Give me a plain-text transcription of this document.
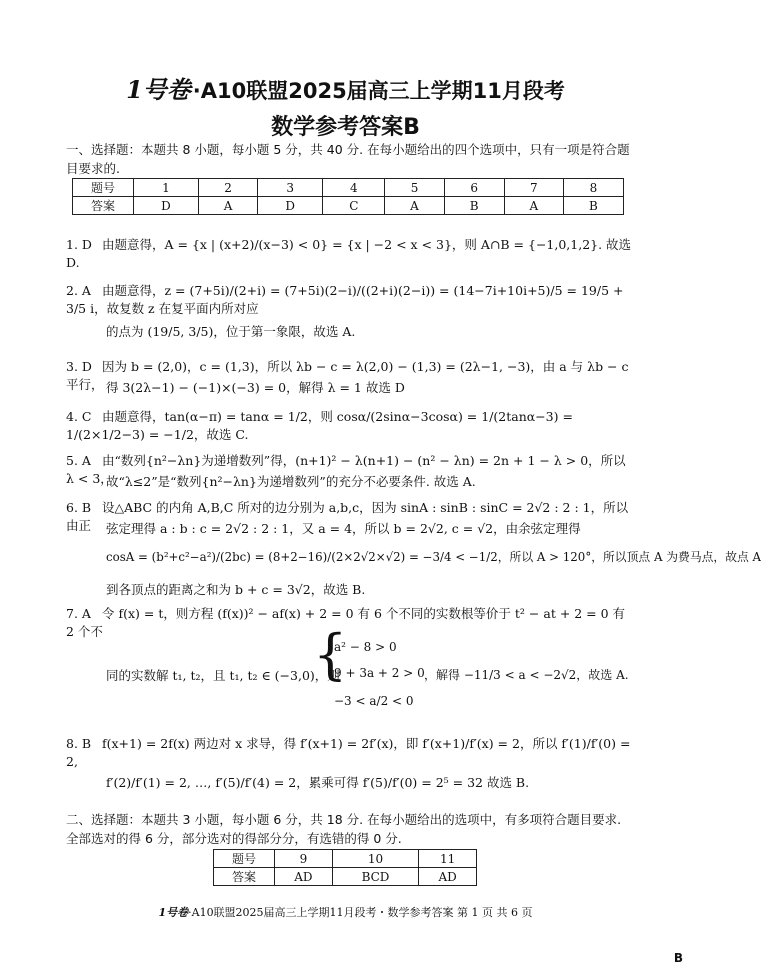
1号卷·A10联盟2025届高三上学期11月段考
数学参考答案B
一、选择题：本题共 8 小题，每小题 5 分，共 40 分. 在每小题给出的四个选项中，只有一项是符合题目要求的.
题号	1	2	3	4	5	6	7	8
答案	D	A	D	C	A	B	A	B
1. D 由题意得，A = {x | (x+2)/(x−3) < 0} = {x | −2 < x < 3}，则 A∩B = {−1,0,1,2}. 故选 D.
2. A 由题意得，z = (7+5i)/(2+i) = (7+5i)(2−i)/((2+i)(2−i)) = (14−7i+10i+5)/5 = 19/5 + 3/5 i，故复数 z 在复平面内所对应
的点为 (19/5, 3/5)，位于第一象限，故选 A.
3. D 因为 b = (2,0)，c = (1,3)，所以 λb − c = λ(2,0) − (1,3) = (2λ−1, −3)，由 a 与 λb − c 平行， 得 3(2λ−1) − (−1)×(−3) = 0，解得 λ = 1 故选 D
4. C 由题意得，tan(α−π) = tanα = 1/2，则 cosα/(2sinα−3cosα) = 1/(2tanα−3) = 1/(2×1/2−3) = −1/2，故选 C.
5. A 由“数列{n²−λn}为递增数列”得，(n+1)² − λ(n+1) − (n² − λn) = 2n + 1 − λ > 0，所以 λ < 3，
故“λ≤2”是“数列{n²−λn}为递增数列”的充分不必要条件. 故选 A.
6. B 设△ABC 的内角 A,B,C 所对的边分别为 a,b,c，因为 sinA : sinB : sinC = 2√2 : 2 : 1，所以由正	弦定理得 a : b : c = 2√2 : 2 : 1，又 a = 4，所以 b = 2√2, c = √2，由余弦定理得
cosA = (b²+c²−a²)/(2bc) = (8+2−16)/(2×2√2×√2) = −3/4 < −1/2，所以 A > 120°，所以顶点 A 为费马点，故点 A
到各顶点的距离之和为 b + c = 3√2，故选 B.
7. A 令 f(x) = t，则方程 (f(x))² − af(x) + 2 = 0 有 6 个不同的实数根等价于 t² − at + 2 = 0 有 2 个不
同的实数解 t₁, t₂，且 t₁, t₂ ∈ (−3,0)，则
{
a² − 8 > 0
9 + 3a + 2 > 0
−3 < a/2 < 0
，解得 −11/3 < a < −2√2，故选 A.
8. B f(x+1) = 2f(x) 两边对 x 求导，得 f′(x+1) = 2f′(x)，即 f′(x+1)/f′(x) = 2，所以 f′(1)/f′(0) = 2,
f′(2)/f′(1) = 2, …, f′(5)/f′(4) = 2，累乘可得 f′(5)/f′(0) = 2⁵ = 32 故选 B.
二、选择题：本题共 3 小题，每小题 6 分，共 18 分. 在每小题给出的选项中，有多项符合题目要求. 全部选对的得 6 分，部分选对的得部分分，有选错的得 0 分.
题号	9	10	11
答案	AD	BCD	AD
1号卷·A10联盟2025届高三上学期11月段考・数学参考答案 第 1 页 共 6 页
B
